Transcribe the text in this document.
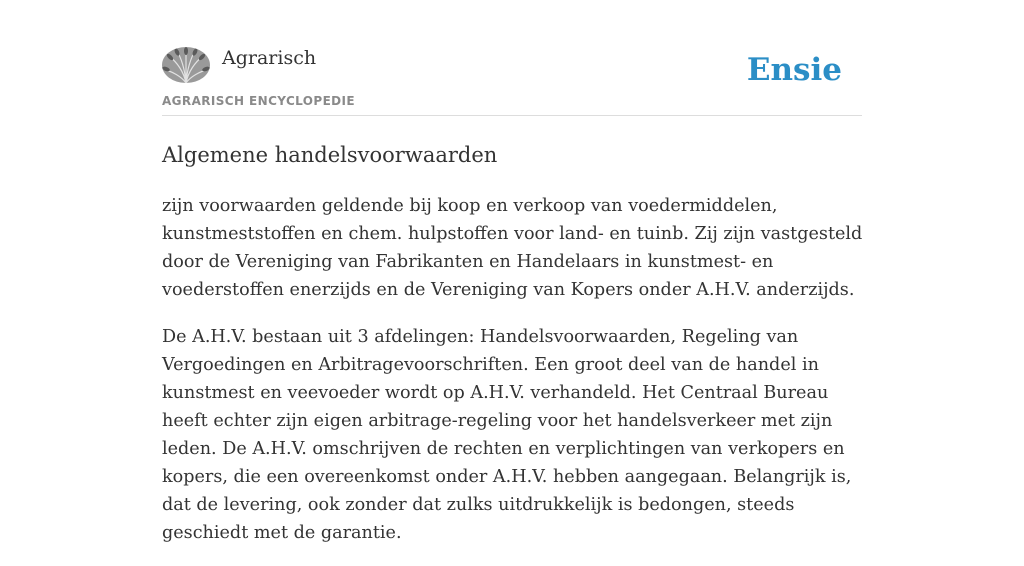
Agrarisch
AGRARISCH ENCYCLOPEDIE
Ensie
Algemene handelsvoorwaarden

zijn voorwaarden geldende bij koop en verkoop van voedermiddelen, kunstmeststoffen en chem. hulpstoffen voor land- en tuinb. Zij zijn vastgesteld door de Vereniging van Fabrikanten en Handelaars in kunstmest- en voederstoffen enerzijds en de Vereniging van Kopers onder A.H.V. anderzijds.

De A.H.V. bestaan uit 3 afdelingen: Handelsvoorwaarden, Regeling van Vergoedingen en Arbitragevoorschriften. Een groot deel van de handel in kunstmest en veevoeder wordt op A.H.V. verhandeld. Het Centraal Bureau heeft echter zijn eigen arbitrage-regeling voor het handelsverkeer met zijn leden. De A.H.V. omschrijven de rechten en verplichtingen van verkopers en kopers, die een overeenkomst onder A.H.V. hebben aangegaan. Belangrijk is, dat de levering, ook zonder dat zulks uitdrukkelijk is bedongen, steeds geschiedt met de garantie.
